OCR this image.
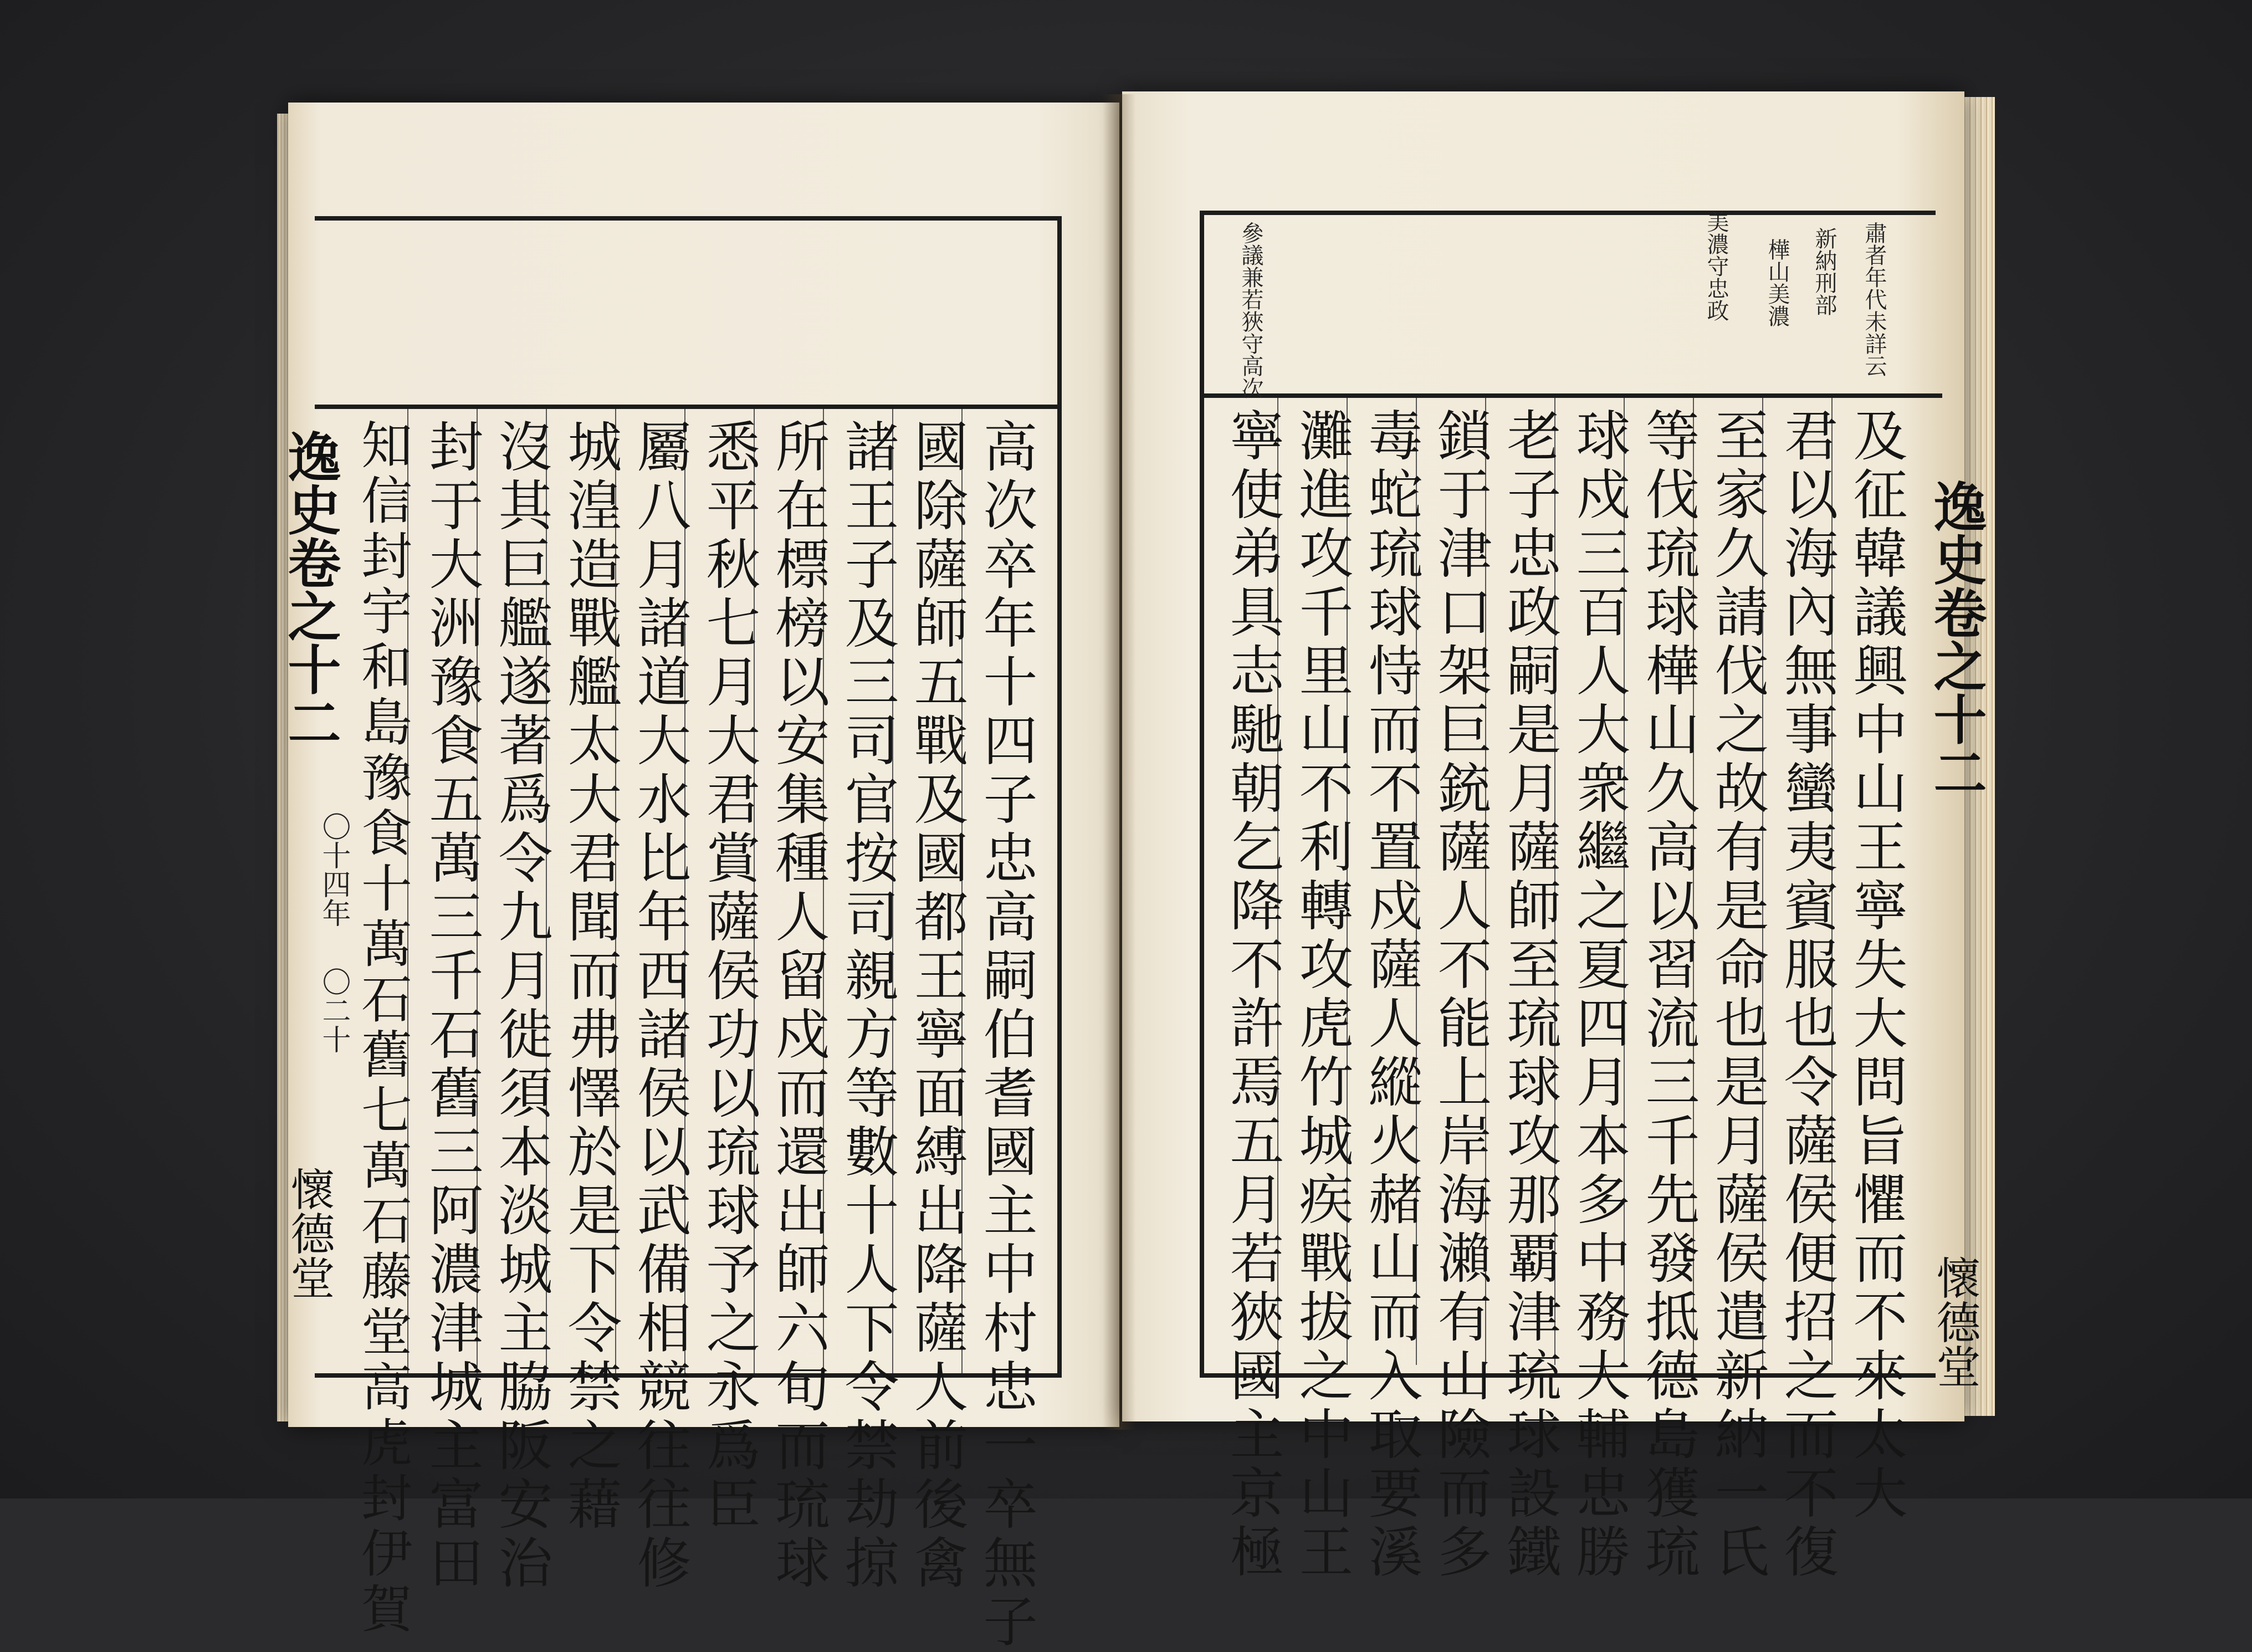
高次卒年十四子忠高嗣伯耆國主中村忠一卒無子
國除薩師五戰及國都王寧面縛出降薩人前後禽
諸王子及三司官按司親方等數十人下令禁劫掠
所在標榜以安集種人留戍而還出師六旬而琉球
悉平秋七月大君賞薩侯功以琉球予之永爲臣
屬八月諸道大水比年西諸侯以武備相競往往修
城湟造戰艦太大君聞而弗懌於是下令禁之藉
沒其巨艦遂著爲令九月徙須本淡城主脇阪安治
封于大洲豫食五萬三千石舊三阿濃津城主富田
知信封宇和島豫食十萬石舊七萬石藤堂高虎封伊賀
〇十四年
〇二十
逸史卷之十二
懷德堂
肅者年代未詳云
新納刑部
樺山美濃
美濃守忠政
參議兼若狹守高次
及征韓議興中山王寧失大問旨懼而不來太大
君以海內無事蠻夷賓服也令薩侯便招之而不復
至家久請伐之故有是命也是月薩侯遣新納一氏
等伐琉球樺山久高以習流三千先發抵德島獲琉
球戍三百人大衆繼之夏四月本多中務大輔忠勝
老子忠政嗣是月薩師至琉球攻那覇津琉球設鐵
鎖于津口架巨銃薩人不能上岸海瀨有山險而多
毒蛇琉球恃而不置戍薩人縱火赭山而入取要溪
灘進攻千里山不利轉攻虎竹城疾戰拔之中山王
寧使弟具志馳朝乞降不許焉五月若狹國主京極	逸史卷之十二
懷德堂
